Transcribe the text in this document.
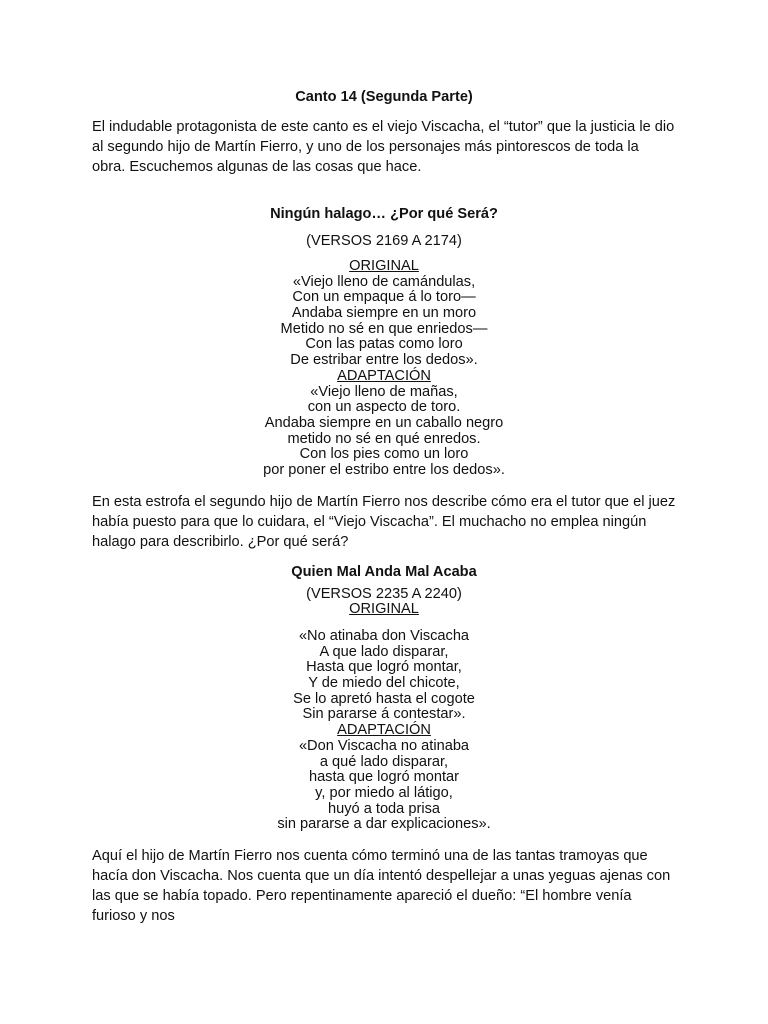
Canto 14 (Segunda Parte)

El indudable protagonista de este canto es el viejo Viscacha, el “tutor” que la justicia le dio al segundo hijo de Martín Fierro, y uno de los personajes más pintorescos de toda la obra. Escuchemos algunas de las cosas que hace.

Ningún halago… ¿Por qué Será?
(VERSOS 2169 A 2174)
ORIGINAL
«Viejo lleno de camándulas,
Con un empaque á lo toro—
Andaba siempre en un moro
Metido no sé en que enriedos—
Con las patas como loro
De estribar entre los dedos».
ADAPTACIÓN
«Viejo lleno de mañas,
con un aspecto de toro.
Andaba siempre en un caballo negro
metido no sé en qué enredos.
Con los pies como un loro
por poner el estribo entre los dedos».

En esta estrofa el segundo hijo de Martín Fierro nos describe cómo era el tutor que el juez había puesto para que lo cuidara, el “Viejo Viscacha”. El muchacho no emplea ningún halago para describirlo. ¿Por qué será?

Quien Mal Anda Mal Acaba
(VERSOS 2235 A 2240)
ORIGINAL
«No atinaba don Viscacha
A que lado disparar,
Hasta que logró montar,
Y de miedo del chicote,
Se lo apretó hasta el cogote
Sin pararse á contestar».
ADAPTACIÓN
«Don Viscacha no atinaba
a qué lado disparar,
hasta que logró montar
y, por miedo al látigo,
huyó a toda prisa
sin pararse a dar explicaciones».

Aquí el hijo de Martín Fierro nos cuenta cómo terminó una de las tantas tramoyas que hacía don Viscacha. Nos cuenta que un día intentó despellejar a unas yeguas ajenas con las que se había topado. Pero repentinamente apareció el dueño: “El hombre venía furioso y nos
